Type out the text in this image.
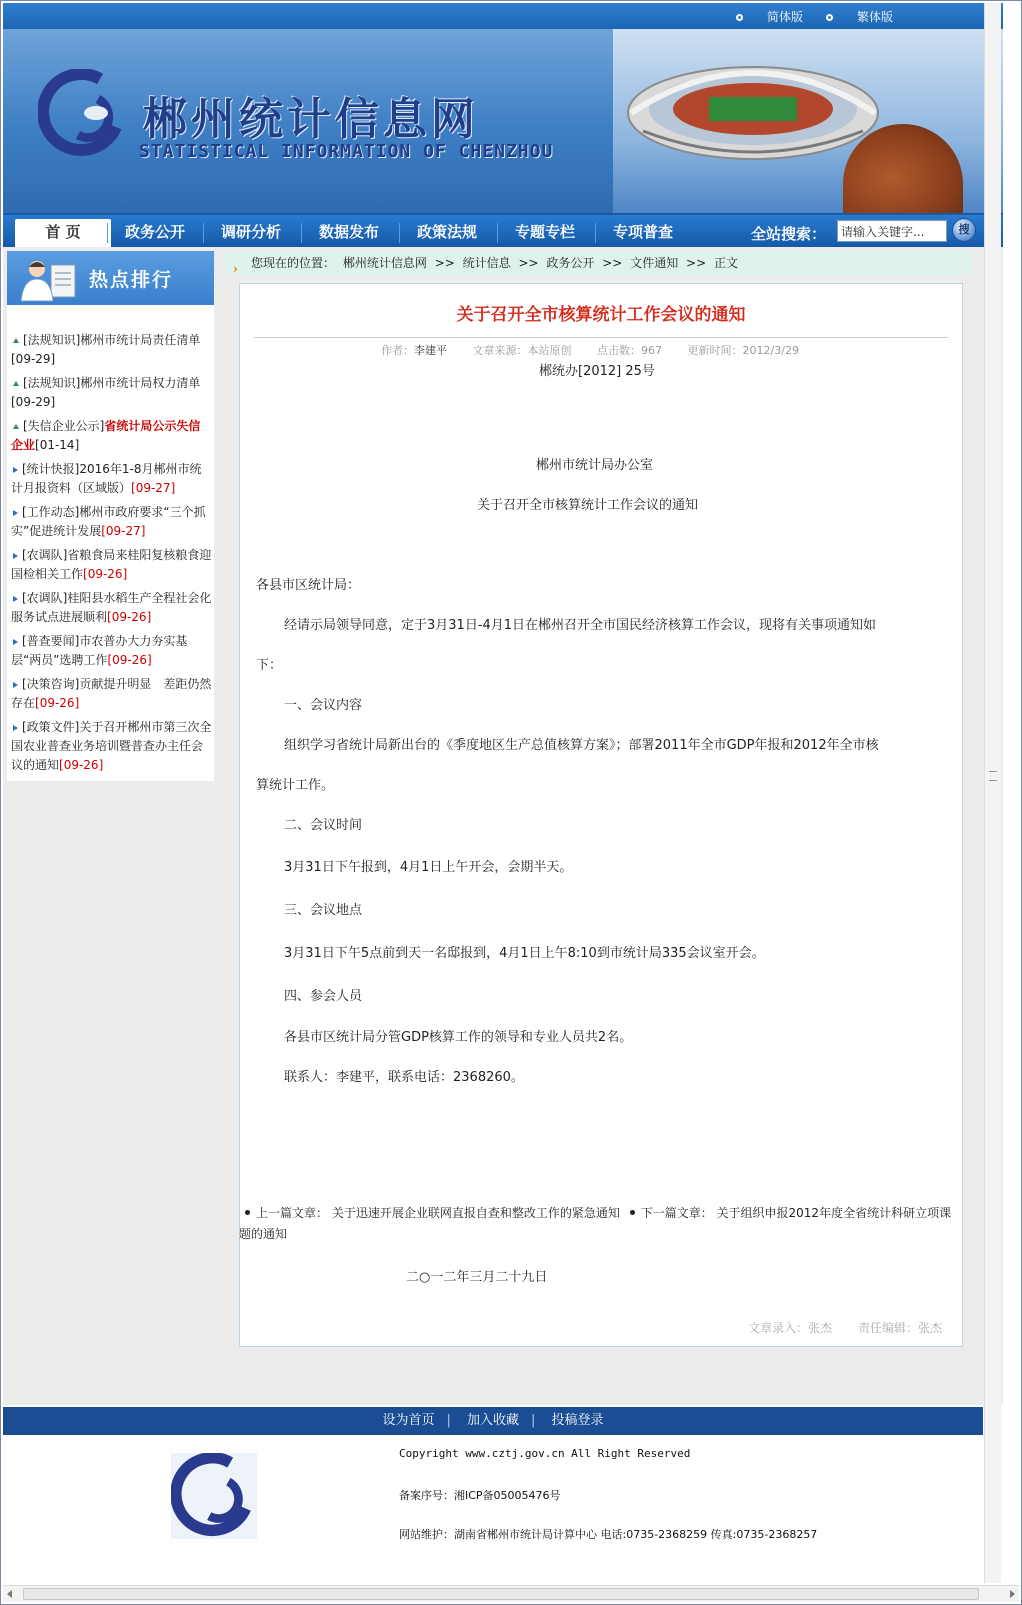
简体版	繁体版
郴州统计信息网
STATISTICAL INFORMATION OF CHENZHOU
首 页	政务公开	调研分析	数据发布	政策法规	专题专栏	专项普查	全站搜索：
请输入关键字...	搜
热点排行
[法规知识]郴州市统计局责任清单
[09-29]
[法规知识]郴州市统计局权力清单
[09-29]
[失信企业公示]省统计局公示失信企业[01-14]
[统计快报]2016年1-8月郴州市统计月报资料（区域版）[09-27]
[工作动态]郴州市政府要求“三个抓实”促进统计发展[09-27]
[农调队]省粮食局来桂阳复核粮食迎国检相关工作[09-26]
[农调队]桂阳县水稻生产全程社会化服务试点进展顺利[09-26]
[普查要闻]市农普办大力夯实基层“两员”选聘工作[09-26]
[决策咨询]贡献提升明显　差距仍然存在[09-26]
[政策文件]关于召开郴州市第三次全国农业普查业务培训暨普查办主任会议的通知[09-26]
› 您现在的位置： 郴州统计信息网 >> 统计信息 >> 政务公开 >> 文件通知 >> 正文
关于召开全市核算统计工作会议的通知
作者：李建平 文章来源：本站原创 点击数：967 更新时间：2012/3/29

郴统办[2012] 25号

郴州市统计局办公室

关于召开全市核算统计工作会议的通知

各县市区统计局：

经请示局领导同意，定于3月31日-4月1日在郴州召开全市国民经济核算工作会议，现将有关事项通知如

下：

一、会议内容

组织学习省统计局新出台的《季度地区生产总值核算方案》；部署2011年全市GDP年报和2012年全市核

算统计工作。

二、会议时间

3月31日下午报到，4月1日上午开会，会期半天。

三、会议地点

3月31日下午5点前到天一名邸报到，4月1日上午8:10到市统计局335会议室开会。

四、参会人员

各县市区统计局分管GDP核算工作的领导和专业人员共2名。

联系人：李建平，联系电话：2368260。

二○一二年三月二十九日

文章录入：张杰 责任编辑：张杰
上一篇文章： 关于迅速开展企业联网直报自查和整改工作的紧急通知 下一篇文章： 关于组织申报2012年度全省统计科研立项课题的通知
设为首页 | 加入收藏 | 投稿登录
Copyright www.cztj.gov.cn All Right Reserved
备案序号：湘ICP备05005476号
网站维护：湖南省郴州市统计局计算中心 电话:0735-2368259 传真:0735-2368257
